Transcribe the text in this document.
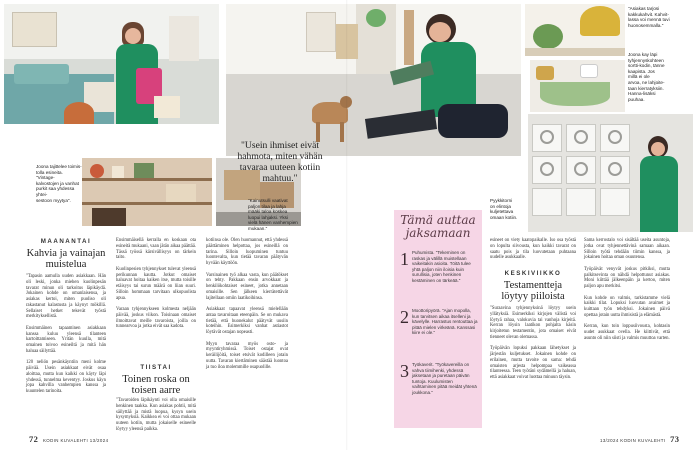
Joona tajittelee toimis-
tolla esineita. "Vintage-
kalvostojen ja vanhat
purkit saa yhdessa yhtei-
sestoon myytya".
"Asiakas tarjosi
kakkukahvit. Kahvit-
lassa voi mennä tuvi
huonosemmalla."
Joona kay läpi
tyhjennyskohteen
sortti-kodin, tänne
kaapista. Jos
millä ei ole
arvoa, ne lahjoite-
taan kierratyksiin.
Hanna-lisäksi
puuhaa.
"Kainutsulli vaativat
paljon tilaa ja lahja
määki taloa koskea
luopui lahjaksi. Yksi
vielä hänen vanhempien
mukaan."
Pyykkitorni
on elintoja
kuljetettava
omaan kotiin.
"Usein ihmiset eivät hahmota, miten vähän tavaraa uuteen kotiin mahtuu."
MAANANTAI
Kahvia ja vainajan muistelua
"Tapasin aamulla uuden asiakkaan. Hän oli leski, jonka miehen kuolinpesän tavarat minun oli tarkoitus läpikäydä. Jokainen kohde on omanlaisensa, ja asiakas kertoi, miten puoliso oli rakastanut kalastusta ja käynyt mökillä. Sellaiset hetket tekevät työstä merkityksellistä.

Ensimmäinen tapaaminen asiakkaan kanssa kuluu yleensä tilanteen kartoittamiseen. Yritän kuulla, mitä omainen toivoo esineiltä ja mitä hän haluaa säilyttää.

120 neliön pesänkäyntiin meni kolme päivää. Usein asiakkaat eivät osaa aloittaa, mutta kun kaikki on käyty läpi yhdessä, tunnelma keventyy. Joskus käyn jopa kahvilla vanhempien kanssa ja kuuntelen tarinoita.
Ensimmäisellä kerralla en koskaan ota esineitä mukaani, vaan jätän aikaa päättää. Tässä työssä kärsivällisyys on tärkein taito.

Kuolinpesien tyhjennykset tulevat yleensä perikunnan kautta. Jotkut omaiset haluavat hoitaa kaiken itse, mutta toisille etäisyys tai surun määrä on liian suuri. Silloin hommaan tarvitaan ulkopuolista apua.

Varaan tyhjennykseen kolmesta neljään päivää, joskus viikon. Toisinaan omaiset ilmoittavat meille tavaroista, joilla on tunnearvoa ja jotka eivät saa kadota.
TIISTAI
Toinen roska on toisen aarre
"Tavaroiden läpikäynti voi olla omaisille henkinen taakka. Kun asiakas pohtii, mitä säilyttää ja mistä luopua, kysyn usein kysymyksiä. Kaikkea ei voi ottaa mukaan uuteen kotiin, mutta jokaiselle esineelle löytyy yleensä paikka.
kotiinsa ole. Olen huomannut, että yhdessä päättäminen helpottaa, jos esineillä on tarina. Silloin luopuminen tuntuu luontevalta, kun tietää tavaran päätyvän hyvään käyttöön.

Varsinainen työ alkaa vasta, kun päätökset on tehty. Pakkaan ensin arvokkaat ja henkilökohtaiset esineet, jotka annetaan omaisille. Sen jälkeen kierrätettävät lajitellaan omiin laatikoihinsa.

Asiakkaat tapaavat yleensä mielellään antaa tavaroitaan eteenpäin. Se on mukava tietää, että huonekalut päätyvät uusiin koteihin. Esimerkiksi vanhat astiastot löytävät ostajan nopeasti.

Myyn tavaraa myös osto- ja myyntiryhmissä. Toiset ostajat ovat keräilijöitä, toiset etsivät kodilleen jotain uutta. Tavaran kiertäminen säästää luontoa ja tuo iloa molemmille osapuolille.
Tämä auttaa jaksamaan
1 Puhumista. "Tekeminen on raskas ja välillä muistellaan vaikeitakin asioita. Töitä tulee yhtä paljon niin iloisia kuin surullisia, joten henkinen kestäminen on tärkeää."
2 Moottoripyörä. "Ajan mopolla, kun tarvitsen aikaa itselleni ja kävelylle. Harrastus rentouttaa ja pitää mielen virkeänä. Kanssasi kiire ei ole."
3 Työkaverit. "Työkavereilla on vahva tiimihenki, yhdessä jaksetaan ja puretaan päivän tuntoja. Kuulumisten vaihtaminen pitää meidät yhtenä joukkona."
esineet on viety kaatopaikalle. Iso osa työstä on lopulta siivousta, kun kaikki tavarat on saatu pois ja tila luovutetaan puhtaana uudelle asukkaalle.
KESKIVIIKKO
Testamentteja löytyy piiloista
"Suraavina tyhjennyksinä löytyy usein yllätyksiä. Esimerkiksi kirjojen välistä voi löytyä rahaa, valokuvia tai vanhoja kirjeitä. Kerran löysin laatikon pohjalta käsin kirjoitetun testamentin, jota omaiset eivät tienneet olevan olemassa.

Työpäivän lopuksi pakkaan lähetykset ja järjestän kuljetukset. Jokainen kohde on erilainen, mutta tavoite on sama: tehdä omaisten arjesta helpompaa vaikeassa tilanteessa. Teen työtäni sydämellä ja haluan, että asiakkaat voivat luottaa minuun täysin.
Sama kerrostalo voi sisältää useita asuntoja, jotka ovat tyhjennettävinä samaan aikaan. Silloin työtä tehdään tiimin kanssa, ja jokainen hoitaa oman osuutensa.

Työpäivät venyvät joskus pitkiksi, mutta palkitsevinta on nähdä helpottunut asiakas. Moni kiittää jälkeenpäin ja kertoo, miten paljon apu merkitsi.

Kun kohde on valmis, tarkistamme vielä kaikki tilat. Lopuksi luovutan avaimet ja kuittaan työn tehdyksi. Jokainen päivä opettaa jotain uutta ihmisistä ja elämästä.

Kerran, kun toin loppusiivousta, kohtasin uudet asukkaat ovella. He kiittivät, että asunto oli niin siisti ja valmis muuttoa varten.
72 KODIN KUVALEHTI 13/2024	13/2024 KODIN KUVALEHTI 73
